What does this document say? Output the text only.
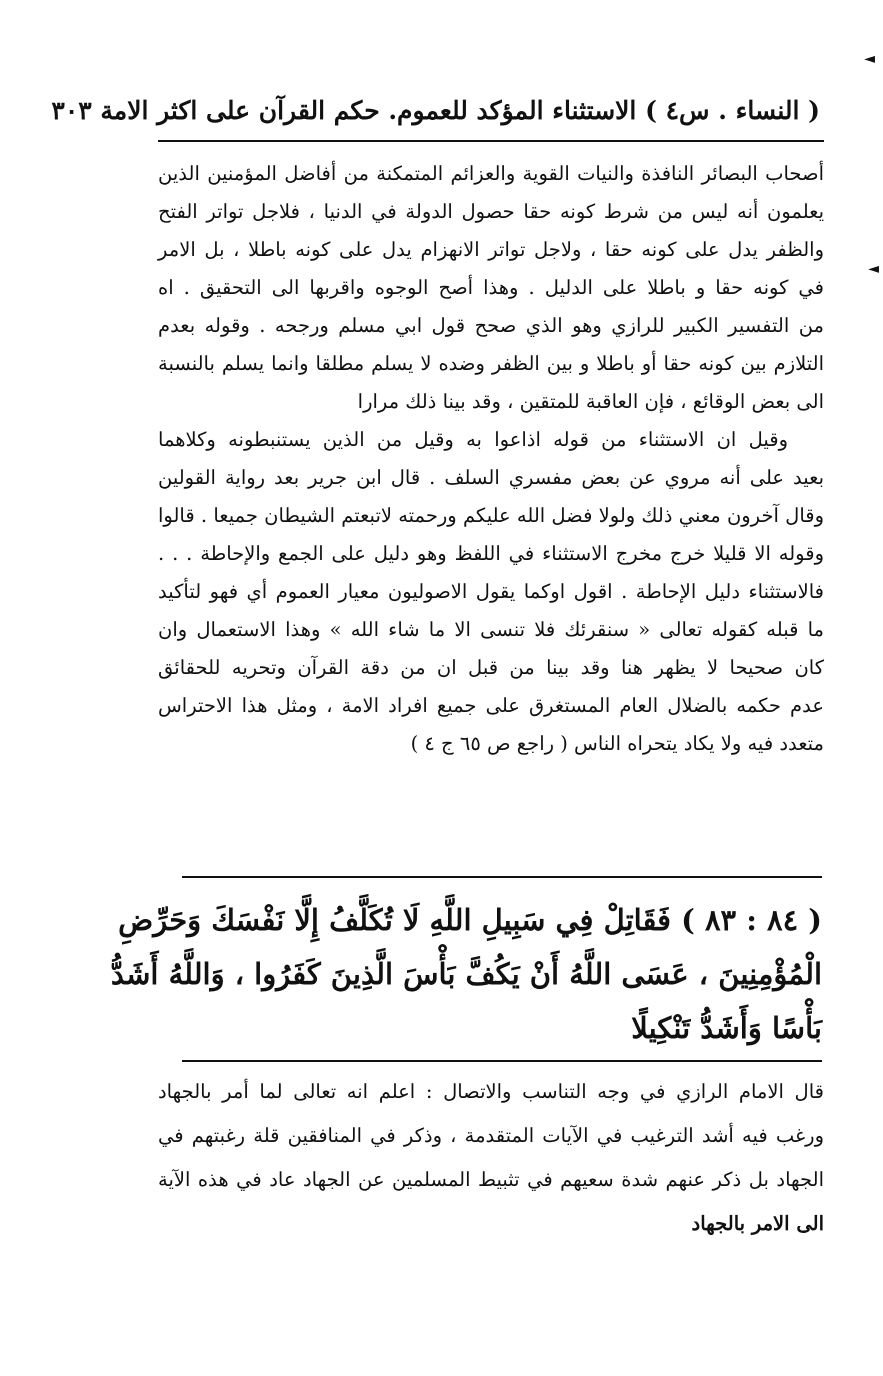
◄
◄
( النساء . س٤ ) الاستثناء المؤكد للعموم. حكم القرآن على اكثر الامة ٣٠٣
أصحاب البصائر النافذة والنيات القوية والعزائم المتمكنة من أفاضل المؤمنين الذين
يعلمون أنه ليس من شرط كونه حقا حصول الدولة في الدنيا ، فلاجل تواتر الفتح
والظفر يدل على كونه حقا ، ولاجل تواتر الانهزام يدل على كونه باطلا ، بل الامر
في كونه حقا و باطلا على الدليل . وهذا أصح الوجوه واقربها الى التحقيق . اه
من التفسير الكبير للرازي وهو الذي صحح قول ابي مسلم ورجحه . وقوله بعدم
التلازم بين كونه حقا أو باطلا و بين الظفر وضده لا يسلم مطلقا وانما يسلم بالنسبة
الى بعض الوقائع ، فإن العاقبة للمتقين ، وقد بينا ذلك مرارا
وقيل ان الاستثناء من قوله اذاعوا به وقيل من الذين يستنبطونه وكلاهما
بعيد على أنه مروي عن بعض مفسري السلف . قال ابن جرير بعد رواية القولين
وقال آخرون معني ذلك ولولا فضل الله عليكم ورحمته لاتبعتم الشيطان جميعا . قالوا
وقوله الا قليلا خرج مخرج الاستثناء في اللفظ وهو دليل على الجمع والإحاطة . . .
فالاستثناء دليل الإحاطة . اقول اوكما يقول الاصوليون معيار العموم أي فهو لتأكيد
ما قبله كقوله تعالى « سنقرئك فلا تنسى الا ما شاء الله » وهذا الاستعمال وان
كان صحيحا لا يظهر هنا وقد بينا من قبل ان من دقة القرآن وتحريه للحقائق
عدم حكمه بالضلال العام المستغرق على جميع افراد الامة ، ومثل هذا الاحتراس
متعدد فيه ولا يكاد يتحراه الناس ( راجع ص ٦٥ ج ٤ )
( ٨٤ : ٨٣ ) فَقَاتِلْ فِي سَبِيلِ اللَّهِ لَا تُكَلَّفُ إِلَّا نَفْسَكَ وَحَرِّضِ
الْمُؤْمِنِينَ ، عَسَى اللَّهُ أَنْ يَكُفَّ بَأْسَ الَّذِينَ كَفَرُوا ، وَاللَّهُ أَشَدُّ
بَأْسًا وَأَشَدُّ تَنْكِيلًا
قال الامام الرازي في وجه التناسب والاتصال : اعلم انه تعالى لما أمر بالجهاد
ورغب فيه أشد الترغيب في الآيات المتقدمة ، وذكر في المنافقين قلة رغبتهم في
الجهاد بل ذكر عنهم شدة سعيهم في تثبيط المسلمين عن الجهاد عاد في هذه الآية
الى الامر بالجهاد
